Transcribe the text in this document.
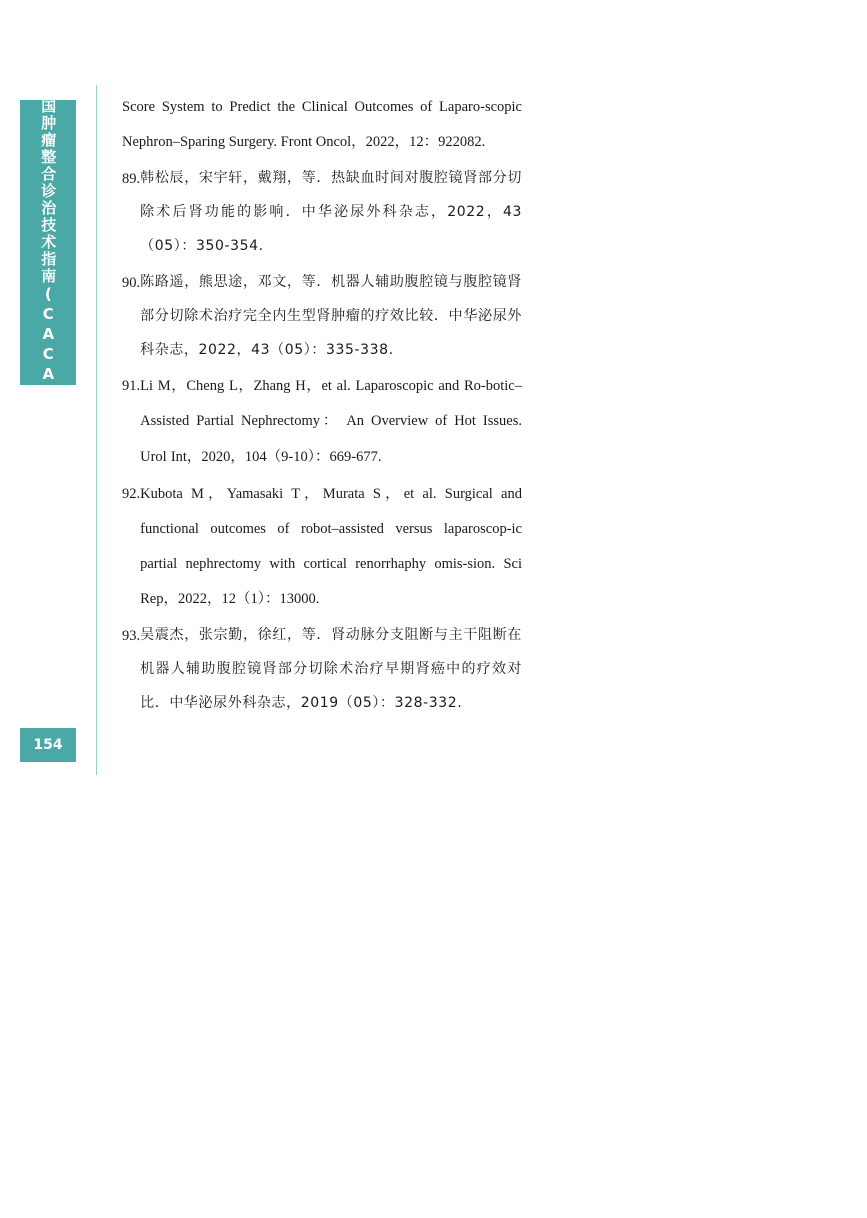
中国肿瘤整合诊治技术指南(CACA)
154
Score System to Predict the Clinical Outcomes of Laparo-scopic Nephron–Sparing Surgery. Front Oncol，2022，12：922082.
89. 韩松辰，宋宇轩，戴翔，等．热缺血时间对腹腔镜肾部分切除术后肾功能的影响．中华泌尿外科杂志，2022，43（05）：350-354.
90. 陈路遥，熊思途，邓文，等．机器人辅助腹腔镜与腹腔镜肾部分切除术治疗完全内生型肾肿瘤的疗效比较．中华泌尿外科杂志，2022，43（05）：335-338.
91. Li M，Cheng L，Zhang H，et al. Laparoscopic and Ro-botic–Assisted Partial Nephrectomy： An Overview of Hot Issues. Urol Int，2020，104（9-10）：669-677.
92. Kubota M，Yamasaki T，Murata S，et al. Surgical and functional outcomes of robot–assisted versus laparoscop-ic partial nephrectomy with cortical renorrhaphy omis-sion. Sci Rep，2022，12（1）：13000.
93. 吴震杰，张宗勤，徐红，等．肾动脉分支阻断与主干阻断在机器人辅助腹腔镜肾部分切除术治疗早期肾癌中的疗效对比．中华泌尿外科杂志，2019（05）：328-332.
